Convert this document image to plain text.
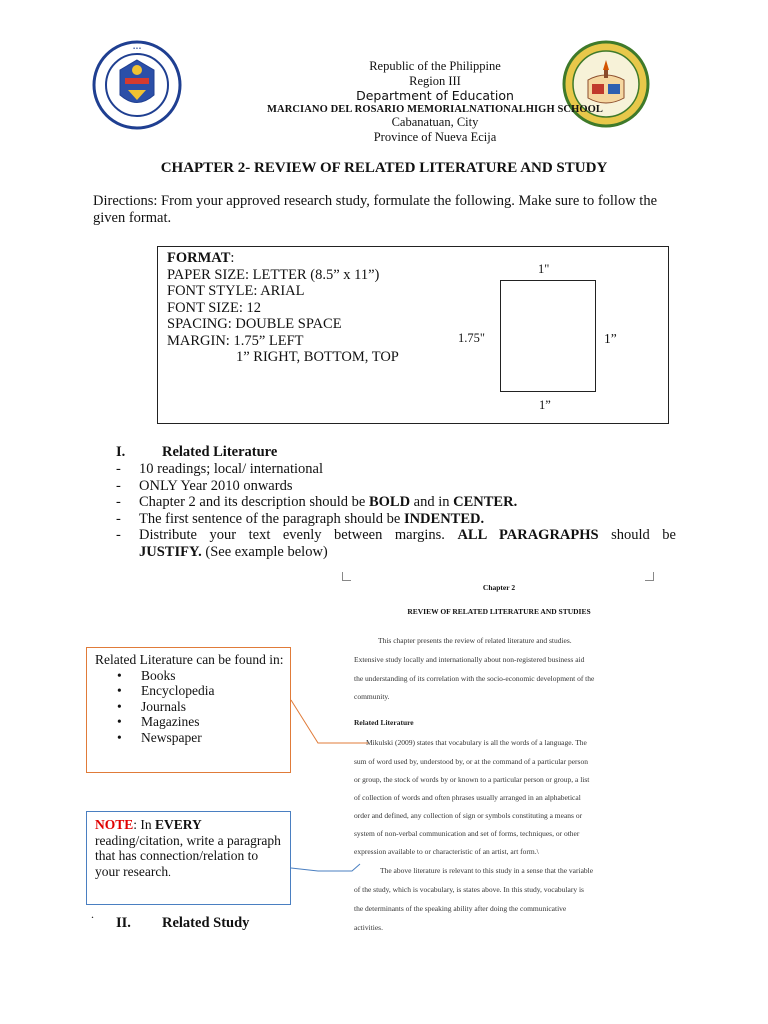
•••
Republic of the Philippine
Region III
Department of Education
MARCIANO DEL ROSARIO MEMORIALNATIONALHIGH SCHOOL
Cabanatuan, City
Province of Nueva Ecija
CHAPTER 2- REVIEW OF RELATED LITERATURE AND STUDY
Directions: From your approved research study, formulate the following. Make sure to follow the given format.
FORMAT:
PAPER SIZE: LETTER (8.5” x 11”)
FONT STYLE: ARIAL
FONT SIZE: 12
SPACING: DOUBLE SPACE
MARGIN: 1.75” LEFT
1” RIGHT, BOTTOM, TOP
1"
1.75"	1”
1”
I.	Related Literature
- 10 readings; local/ international
- ONLY Year 2010 onwards
- Chapter 2 and its description should be BOLD and in CENTER.
- The first sentence of the paragraph should be INDENTED.
- Distribute your text evenly between margins. ALL PARAGRAPHS should be
JUSTIFY. (See example below)
Chapter 2
REVIEW OF RELATED LITERATURE AND STUDIES
This chapter presents the review of related literature and studies.
Extensive study locally and internationally about non-registered business aid
the understanding of its correlation with the socio-economic development of the
community.
Related Literature
Mikulski (2009) states that vocabulary is all the words of a language. The
sum of word used by, understood by, or at the command of a particular person
or group, the stock of words by or known to a particular person or group, a list
of collection of words and often phrases usually arranged in an alphabetical
order and defined, any collection of sign or symbols constituting a means or
system of non-verbal communication and set of forms, techniques, or other
expression available to or characteristic of an artist, art form.\
The above literature is relevant to this study in a sense that the variable
of the study, which is vocabulary, is states above. In this study, vocabulary is
the determinants of the speaking ability after doing the communicative
activities.
Related Literature can be found in:
• Books
• Encyclopedia
• Journals
• Magazines
• Newspaper
NOTE: In EVERY reading/citation, write a paragraph that has connection/relation to your research.
.
II. Related Study
